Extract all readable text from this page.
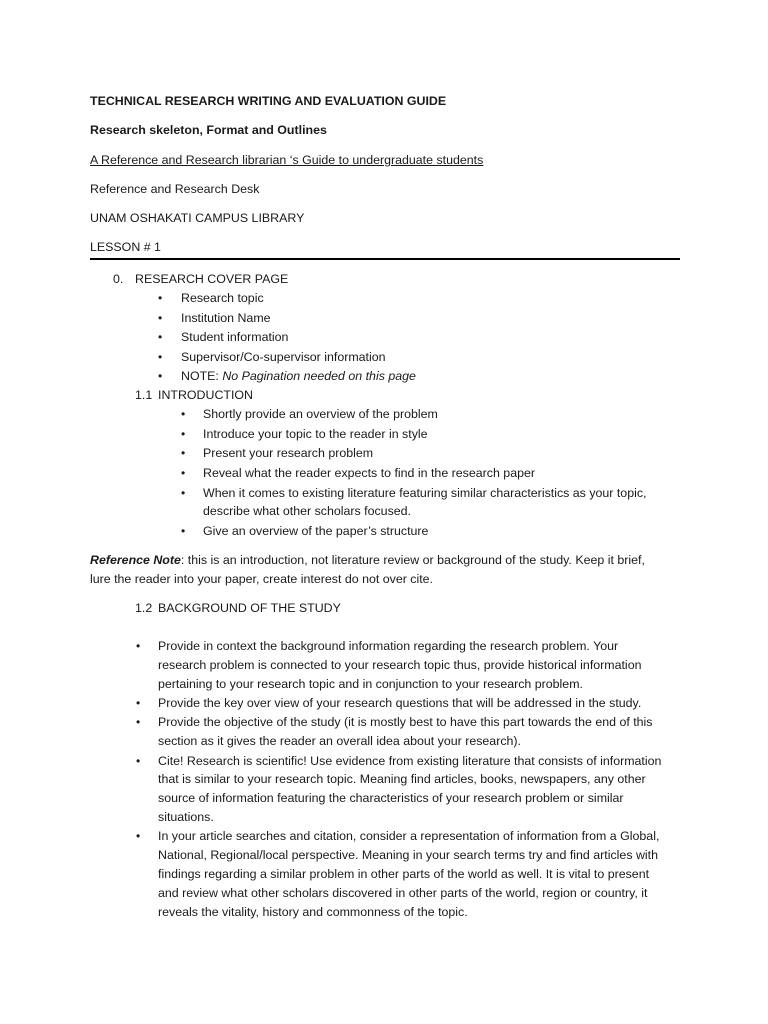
TECHNICAL RESEARCH WRITING AND EVALUATION GUIDE
Research skeleton, Format and Outlines
A Reference and Research librarian ‘s Guide to undergraduate students
Reference and Research Desk
UNAM OSHAKATI CAMPUS LIBRARY
LESSON # 1
0. RESEARCH COVER PAGE
• Research topic
• Institution Name
• Student information
• Supervisor/Co-supervisor information
• NOTE: No Pagination needed on this page
1.1 INTRODUCTION
• Shortly provide an overview of the problem
• Introduce your topic to the reader in style
• Present your research problem
• Reveal what the reader expects to find in the research paper
• When it comes to existing literature featuring similar characteristics as your topic,
describe what other scholars focused.
• Give an overview of the paper’s structure
Reference Note: this is an introduction, not literature review or background of the study. Keep it brief,
lure the reader into your paper, create interest do not over cite.
1.2 BACKGROUND OF THE STUDY
• Provide in context the background information regarding the research problem. Your
research problem is connected to your research topic thus, provide historical information
pertaining to your research topic and in conjunction to your research problem.
• Provide the key over view of your research questions that will be addressed in the study.
• Provide the objective of the study (it is mostly best to have this part towards the end of this
section as it gives the reader an overall idea about your research).
• Cite! Research is scientific! Use evidence from existing literature that consists of information
that is similar to your research topic. Meaning find articles, books, newspapers, any other
source of information featuring the characteristics of your research problem or similar
situations.
• In your article searches and citation, consider a representation of information from a Global,
National, Regional/local perspective. Meaning in your search terms try and find articles with
findings regarding a similar problem in other parts of the world as well. It is vital to present
and review what other scholars discovered in other parts of the world, region or country, it
reveals the vitality, history and commonness of the topic.
